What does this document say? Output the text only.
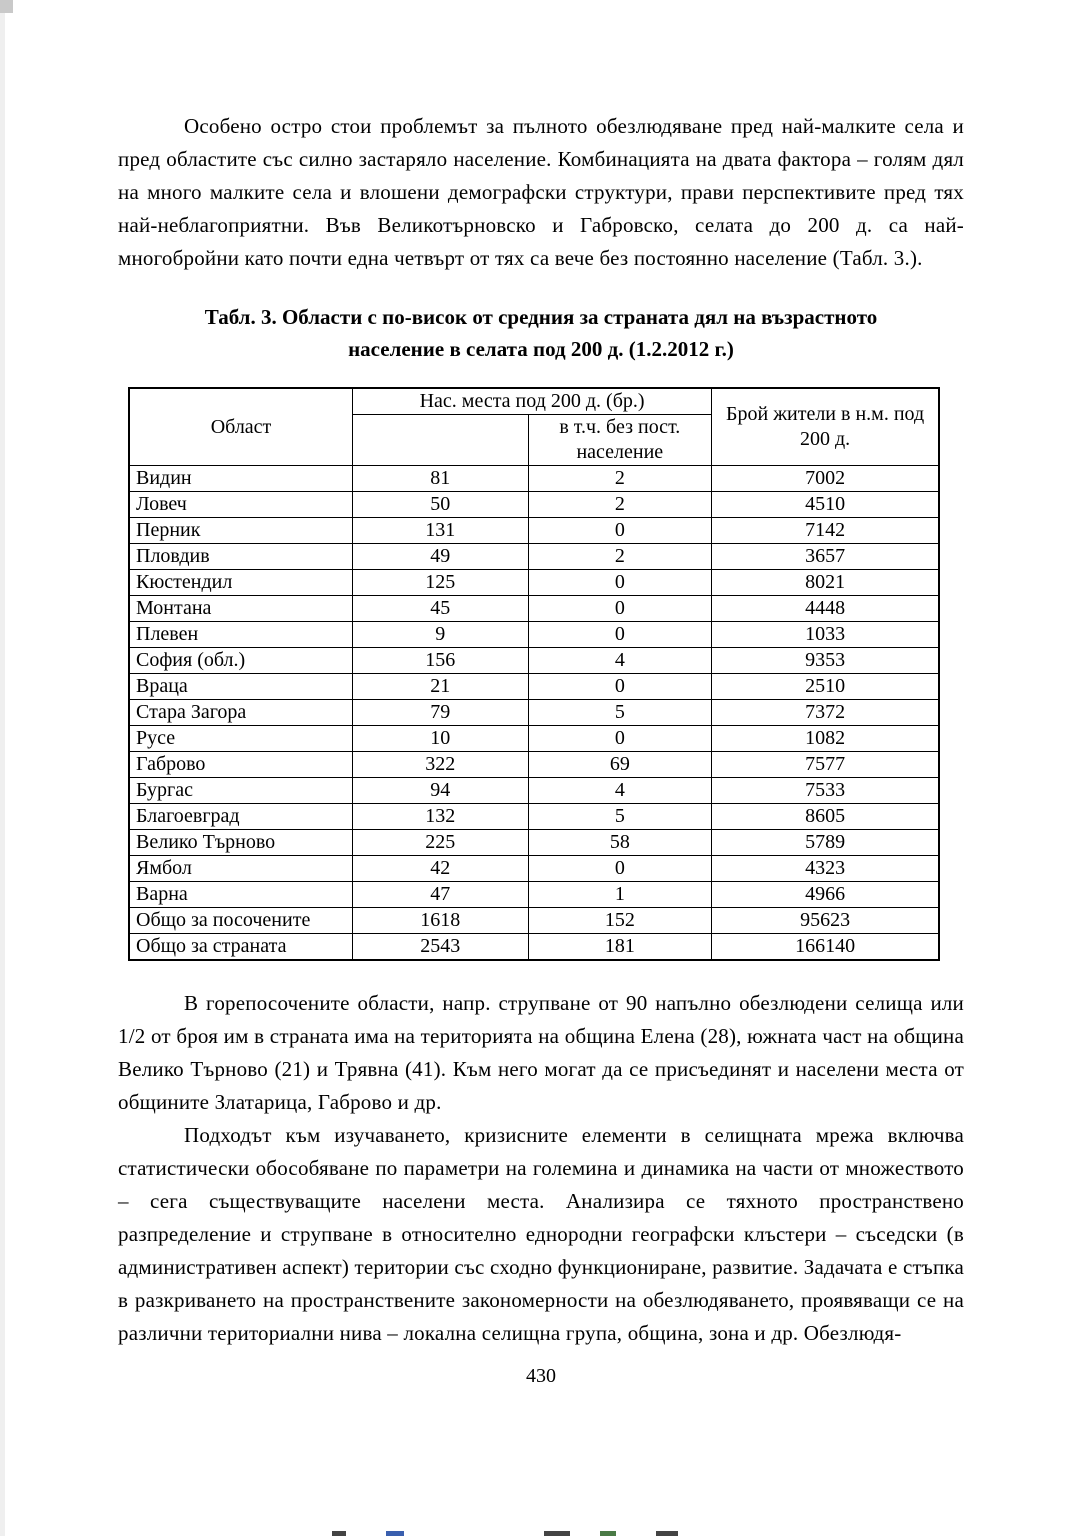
Особено остро стои проблемът за пълното обезлюдяване пред най-малките села и пред областите със силно застаряло население. Комбинацията на двата фактора – голям дял на много малките села и влошени демографски структури, прави перспективите пред тях най-неблагоприятни. Във Великотърновско и Габровско, селата до 200 д. са най-многобройни като почти една четвърт от тях са вече без постоянно население (Табл. 3.).

Табл. 3. Области с по-висок от средния за страната дял на възрастното
население в селата под 200 д. (1.2.2012 г.)
Област	Нас. места под 200 д. (бр.)		Брой жители в н.м. под 200 д.
		в т.ч. без пост. население	
Видин	81	2	7002
Ловеч	50	2	4510
Перник	131	0	7142
Пловдив	49	2	3657
Кюстендил	125	0	8021
Монтана	45	0	4448
Плевен	9	0	1033
София (обл.)	156	4	9353
Враца	21	0	2510
Стара Загора	79	5	7372
Русе	10	0	1082
Габрово	322	69	7577
Бургас	94	4	7533
Благоевград	132	5	8605
Велико Търново	225	58	5789
Ямбол	42	0	4323
Варна	47	1	4966
Общо за посочените	1618	152	95623
Общо за страната	2543	181	166140

В горепосочените области, напр. струпване от 90 напълно обезлюдени селища или 1/2 от броя им в страната има на територията на община Елена (28), южната част на община Велико Търново (21) и Трявна (41). Към него могат да се присъединят и населени места от общините Златарица, Габрово и др.

Подходът към изучаването, кризисните елементи в селищната мрежа включва статистически обособяване по параметри на големина и динамика на части от множеството – сега съществуващите населени места. Анализира се тяхното пространствено разпределение и струпване в относително еднородни географски клъстери – съседски (в административен аспект) територии със сходно функциониране, развитие. Задачата е стъпка в разкриването на пространствените закономерности на обезлюдяването, проявяващи се на различни териториални нива – локална селищна група, община, зона и др. Обезлюдя-

430
